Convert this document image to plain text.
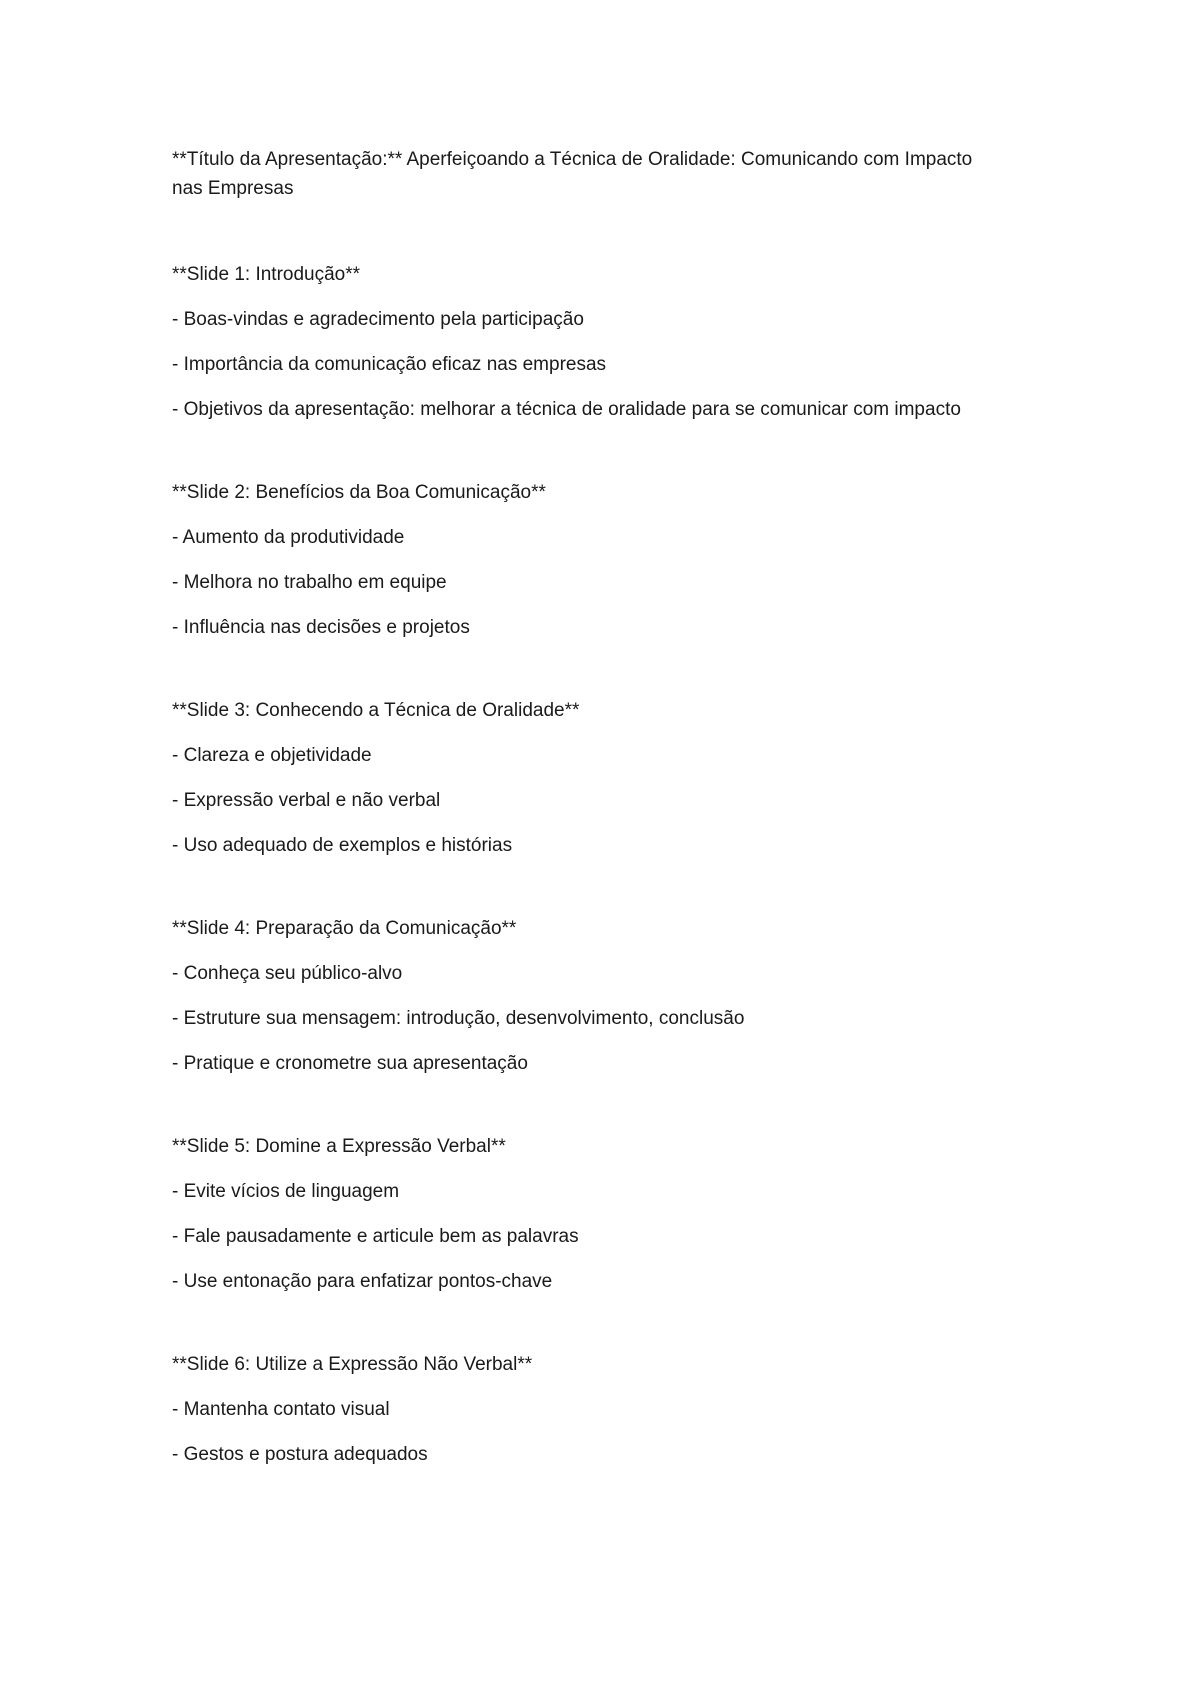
**Título da Apresentação:** Aperfeiçoando a Técnica de Oralidade: Comunicando com Impacto nas Empresas
**Slide 1: Introdução**
- Boas-vindas e agradecimento pela participação
- Importância da comunicação eficaz nas empresas
- Objetivos da apresentação: melhorar a técnica de oralidade para se comunicar com impacto
**Slide 2: Benefícios da Boa Comunicação**
- Aumento da produtividade
- Melhora no trabalho em equipe
- Influência nas decisões e projetos
**Slide 3: Conhecendo a Técnica de Oralidade**
- Clareza e objetividade
- Expressão verbal e não verbal
- Uso adequado de exemplos e histórias
**Slide 4: Preparação da Comunicação**
- Conheça seu público-alvo
- Estruture sua mensagem: introdução, desenvolvimento, conclusão
- Pratique e cronometre sua apresentação
**Slide 5: Domine a Expressão Verbal**
- Evite vícios de linguagem
- Fale pausadamente e articule bem as palavras
- Use entonação para enfatizar pontos-chave
**Slide 6: Utilize a Expressão Não Verbal**
- Mantenha contato visual
- Gestos e postura adequados
